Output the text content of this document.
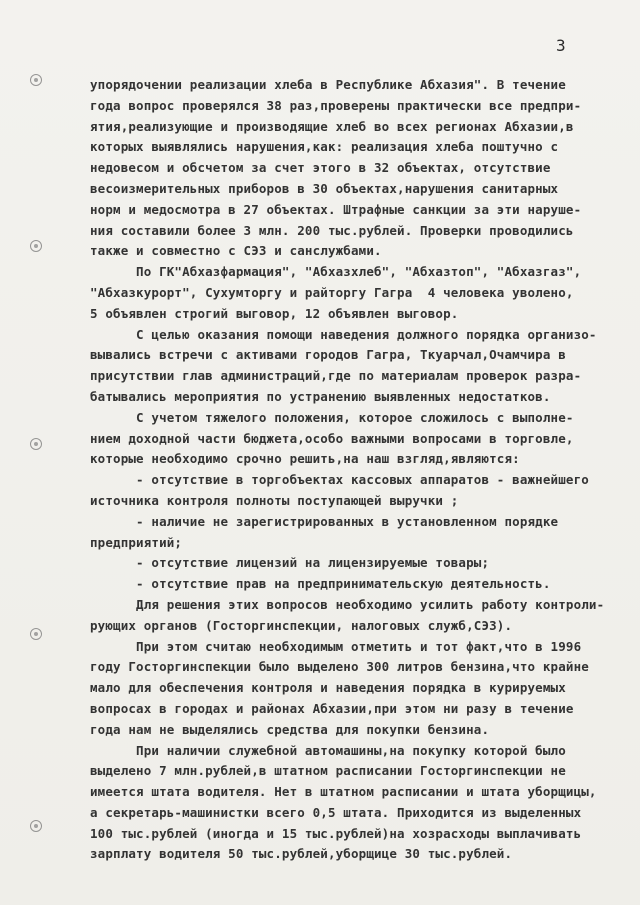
3
упорядочении реализации хлеба в Республике Абхазия". В течение
года вопрос проверялся 38 раз,проверены практически все предпри-
ятия,реализующие и производящие хлеб во всех регионах Абхазии,в
которых выявлялись нарушения,как: реализация хлеба поштучно с
недовесом и обсчетом за счет этого в 32 объектах, отсутствие
весоизмерительных приборов в 30 объектах,нарушения санитарных
норм и медосмотра в 27 объектах. Штрафные санкции за эти наруше-
ния составили более 3 млн. 200 тыс.рублей. Проверки проводились
также и совместно с СЭЗ и санслужбами.
По ГК"Абхазфармация", "Абхазхлеб", "Абхазтоп", "Абхазгаз",
"Абхазкурорт", Сухумторгу и райторгу Гагра  4 человека уволено,
5 объявлен строгий выговор, 12 объявлен выговор.
С целью оказания помощи наведения должного порядка организо-
вывались встречи с активами городов Гагра, Ткуарчал,Очамчира в
присутствии глав администраций,где по материалам проверок разра-
батывались мероприятия по устранению выявленных недостатков.
С учетом тяжелого положения, которое сложилось с выполне-
нием доходной части бюджета,особо важными вопросами в торговле,
которые необходимо срочно решить,на наш взгляд,являются:
- отсутствие в торгобъектах кассовых аппаратов - важнейшего
источника контроля полноты поступающей выручки ;
- наличие не зарегистрированных в установленном порядке
предприятий;
- отсутствие лицензий на лицензируемые товары;
- отсутствие прав на предпринимательскую деятельность.
Для решения этих вопросов необходимо усилить работу контроли-
рующих органов (Госторгинспекции, налоговых служб,СЭЗ).
При этом считаю необходимым отметить и тот факт,что в 1996
году Госторгинспекции было выделено 300 литров бензина,что крайне
мало для обеспечения контроля и наведения порядка в курируемых
вопросах в городах и районах Абхазии,при этом ни разу в течение
года нам не выделялись средства для покупки бензина.
При наличии служебной автомашины,на покупку которой было
выделено 7 млн.рублей,в штатном расписании Госторгинспекции не
имеется штата водителя. Нет в штатном расписании и штата уборщицы,
а секретарь-машинистки всего 0,5 штата. Приходится из выделенных
100 тыс.рублей (иногда и 15 тыс.рублей)на хозрасходы выплачивать
зарплату водителя 50 тыс.рублей,уборщице 30 тыс.рублей.
